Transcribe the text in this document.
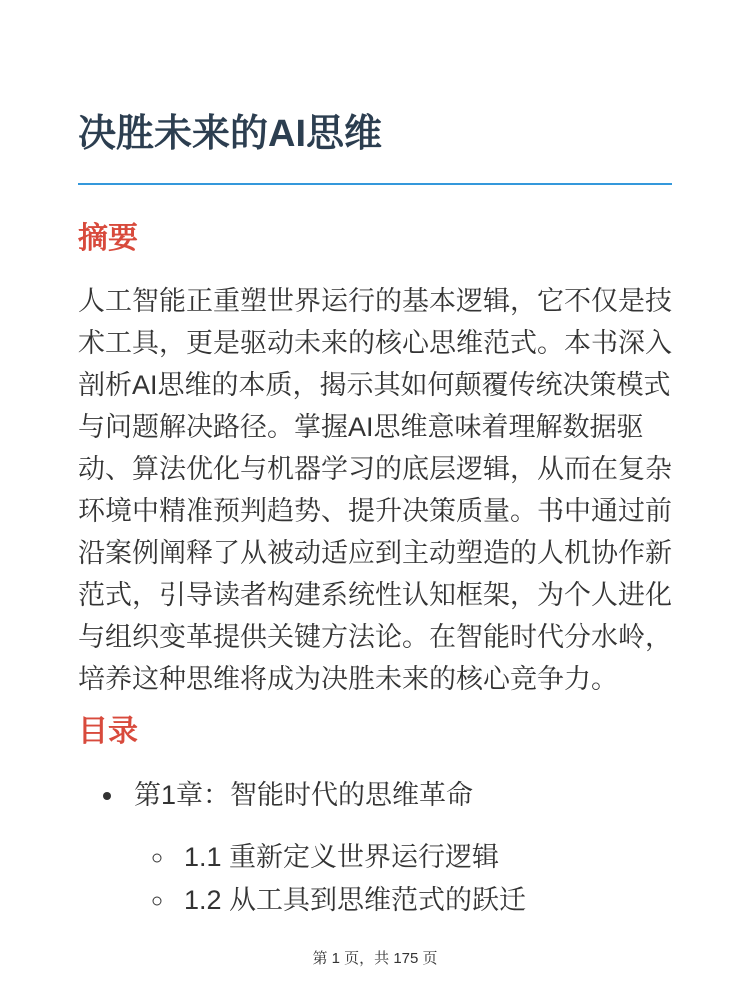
决胜未来的AI思维
摘要

人工智能正重塑世界运行的基本逻辑，它不仅是技术工具，更是驱动未来的核心思维范式。本书深入剖析AI思维的本质，揭示其如何颠覆传统决策模式与问题解决路径。掌握AI思维意味着理解数据驱动、算法优化与机器学习的底层逻辑，从而在复杂环境中精准预判趋势、提升决策质量。书中通过前沿案例阐释了从被动适应到主动塑造的人机协作新范式，引导读者构建系统性认知框架，为个人进化与组织变革提供关键方法论。在智能时代分水岭，培养这种思维将成为决胜未来的核心竞争力。

目录
• 第1章：智能时代的思维革命
◦ 1.1 重新定义世界运行逻辑
◦ 1.2 从工具到思维范式的跃迁
第 1 页，共 175 页
